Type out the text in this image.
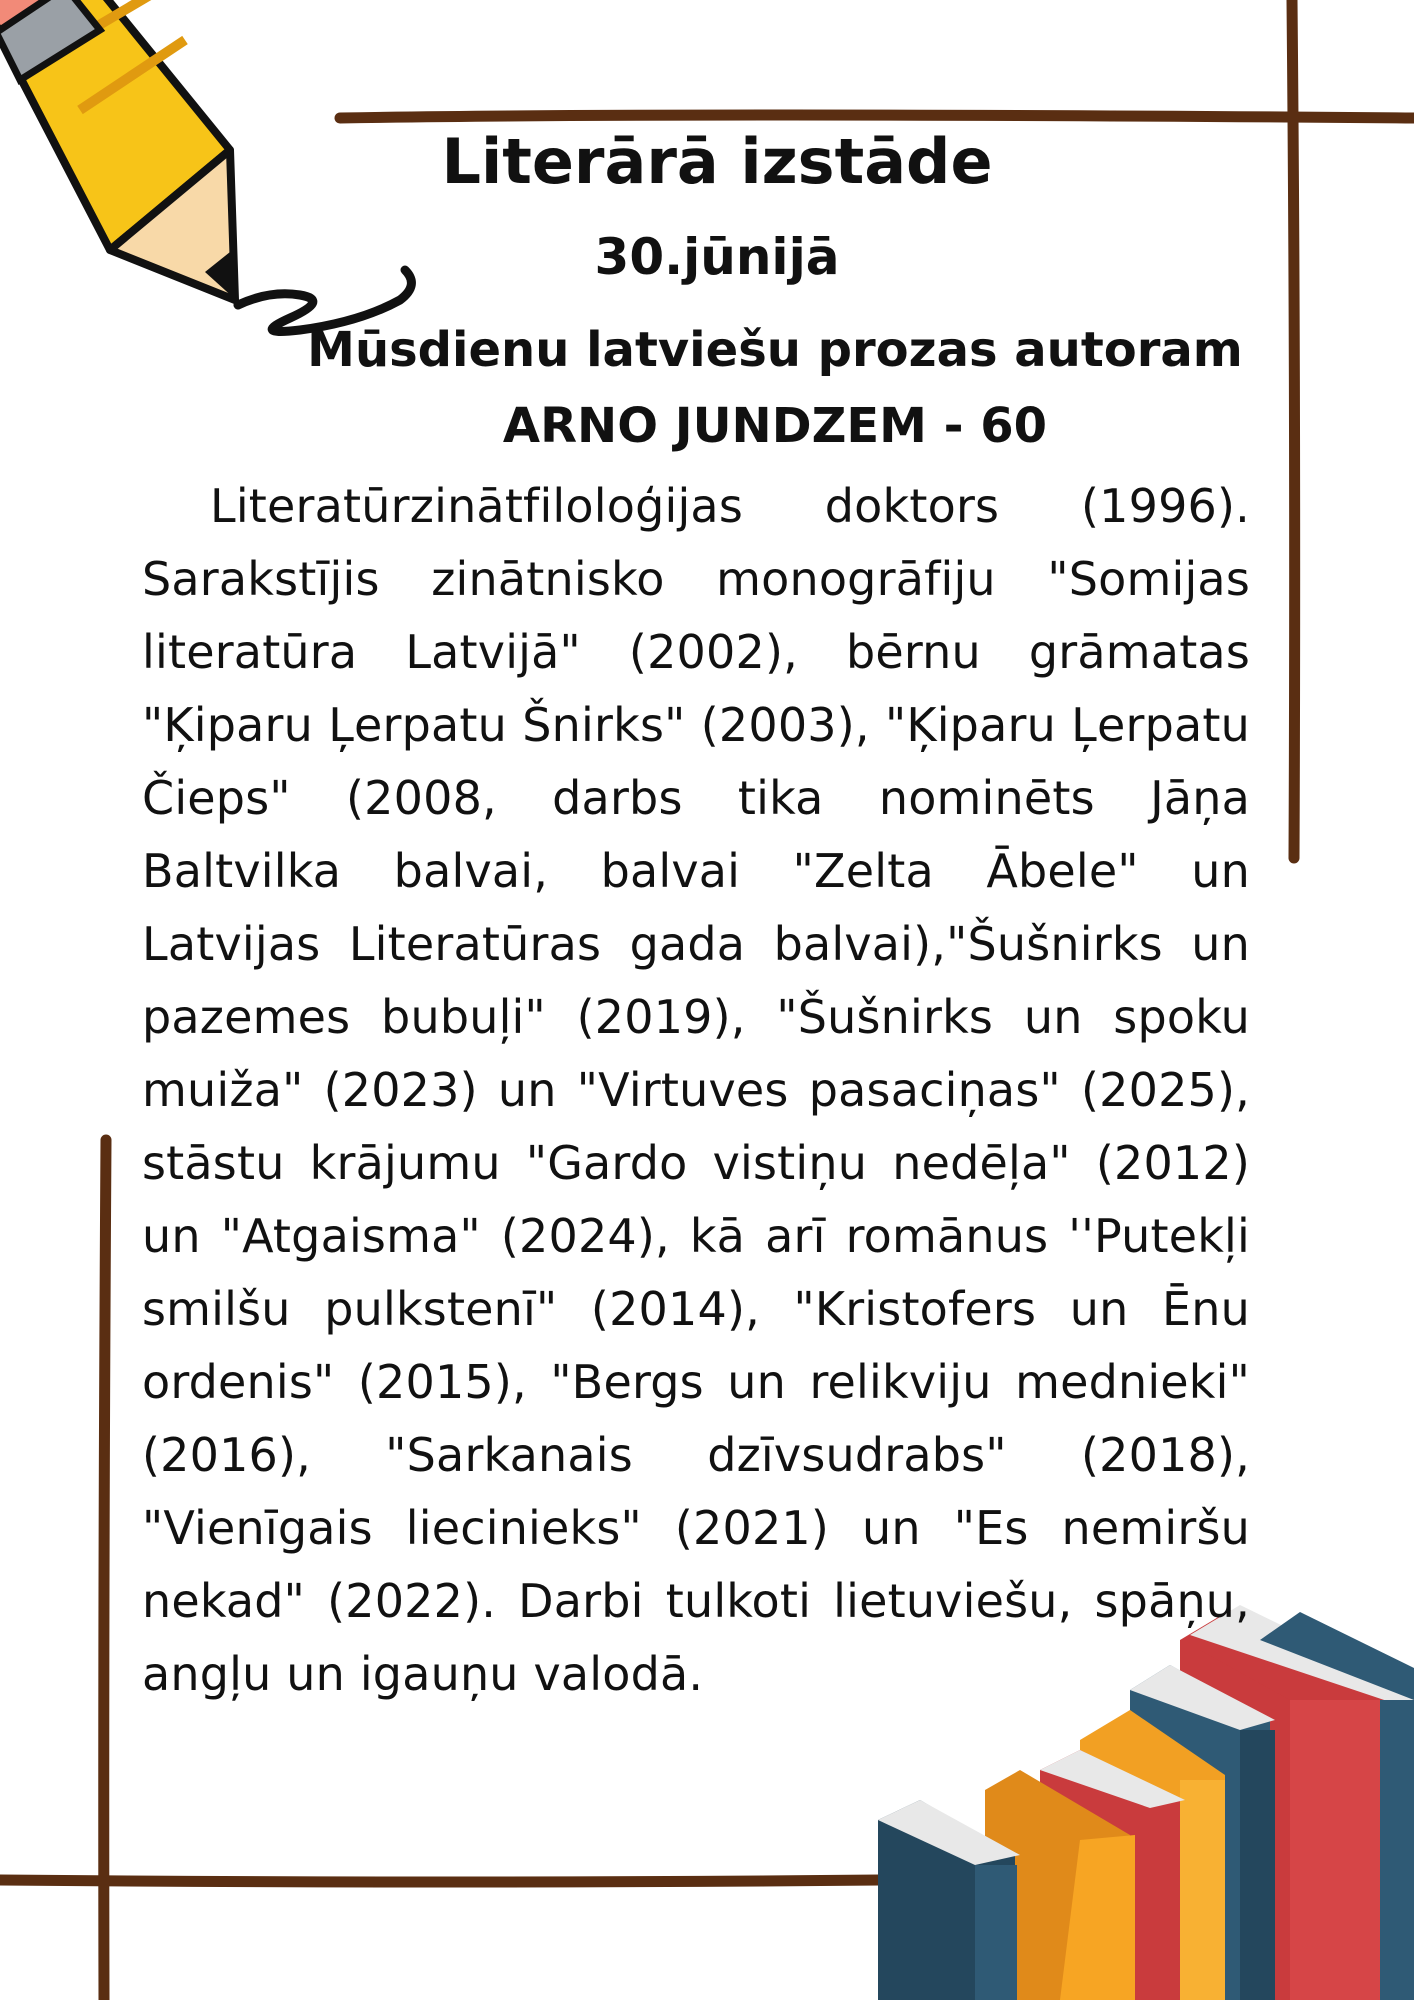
Literārā izstāde
30.jūnijā
Mūsdienu latviešu prozas autoram
ARNO JUNDZEM - 60
Literatūrzinātfiloloģijas doktors (1996). Sarakstījis zinātnisko monogrāfiju "Somijas literatūra Latvijā" (2002), bērnu grāmatas "Ķiparu Ļerpatu Šnirks" (2003), "Ķiparu Ļerpatu Čieps" (2008, darbs tika nominēts Jāņa Baltvilka balvai, balvai "Zelta Ābele" un Latvijas Literatūras gada balvai),"Šušnirks un pazemes bubuļi" (2019), "Šušnirks un spoku muiža" (2023) un "Virtuves pasaciņas" (2025), stāstu krājumu "Gardo vistiņu nedēļa" (2012) un "Atgaisma" (2024), kā arī romānus ''Putekļi smilšu pulkstenī" (2014), "Kristofers un Ēnu ordenis" (2015), "Bergs un relikviju mednieki" (2016), "Sarkanais dzīvsudrabs" (2018), "Vienīgais liecinieks" (2021) un "Es nemiršu nekad" (2022). Darbi tulkoti lietuviešu, spāņu, angļu un igauņu valodā.
